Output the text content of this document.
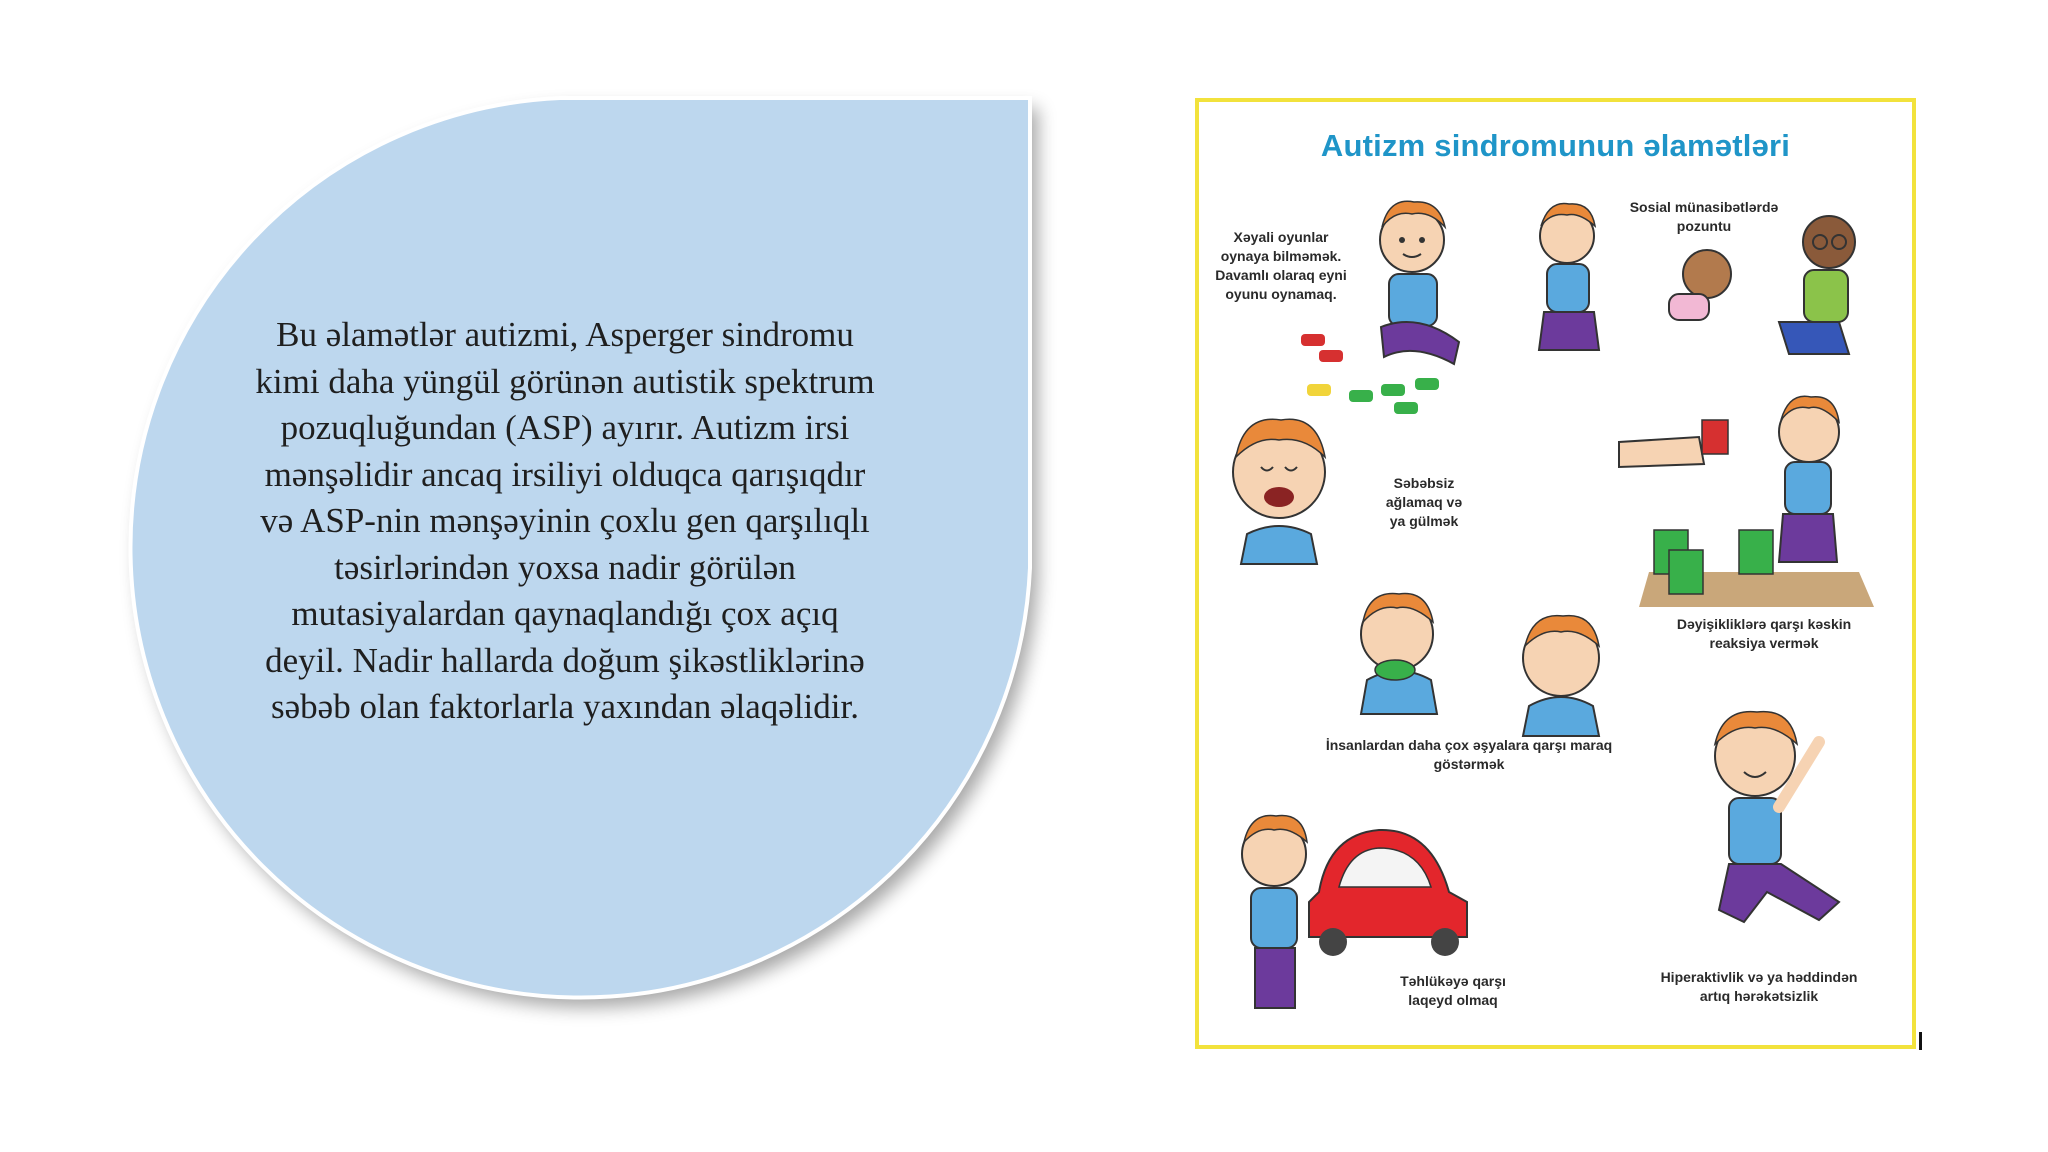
Bu əlamətlər autizmi, Asperger sindromu kimi daha yüngül görünən autistik spektrum pozuqluğundan (ASP) ayırır. Autizm irsi mənşəlidir ancaq irsiliyi olduqca qarışıqdır və ASP-nin mənşəyinin çoxlu gen qarşılıqlı təsirlərindən yoxsa nadir görülən mutasiyalardan qaynaqlandığı çox açıq deyil. Nadir hallarda doğum şikəstliklərinə səbəb olan faktorlarla yaxından əlaqəlidir.
Autizm sindromunun əlamətləri
Xəyali oyunlar oynaya bilməmək. Davamlı olaraq eyni oyunu oynamaq.
Sosial münasibətlərdə pozuntu
Səbəbsiz ağlamaq və ya gülmək
Dəyişikliklərə qarşı kəskin reaksiya vermək
İnsanlardan daha çox əşyalara qarşı maraq göstərmək
Təhlükəyə qarşı laqeyd olmaq
Hiperaktivlik və ya həddindən artıq hərəkətsizlik
